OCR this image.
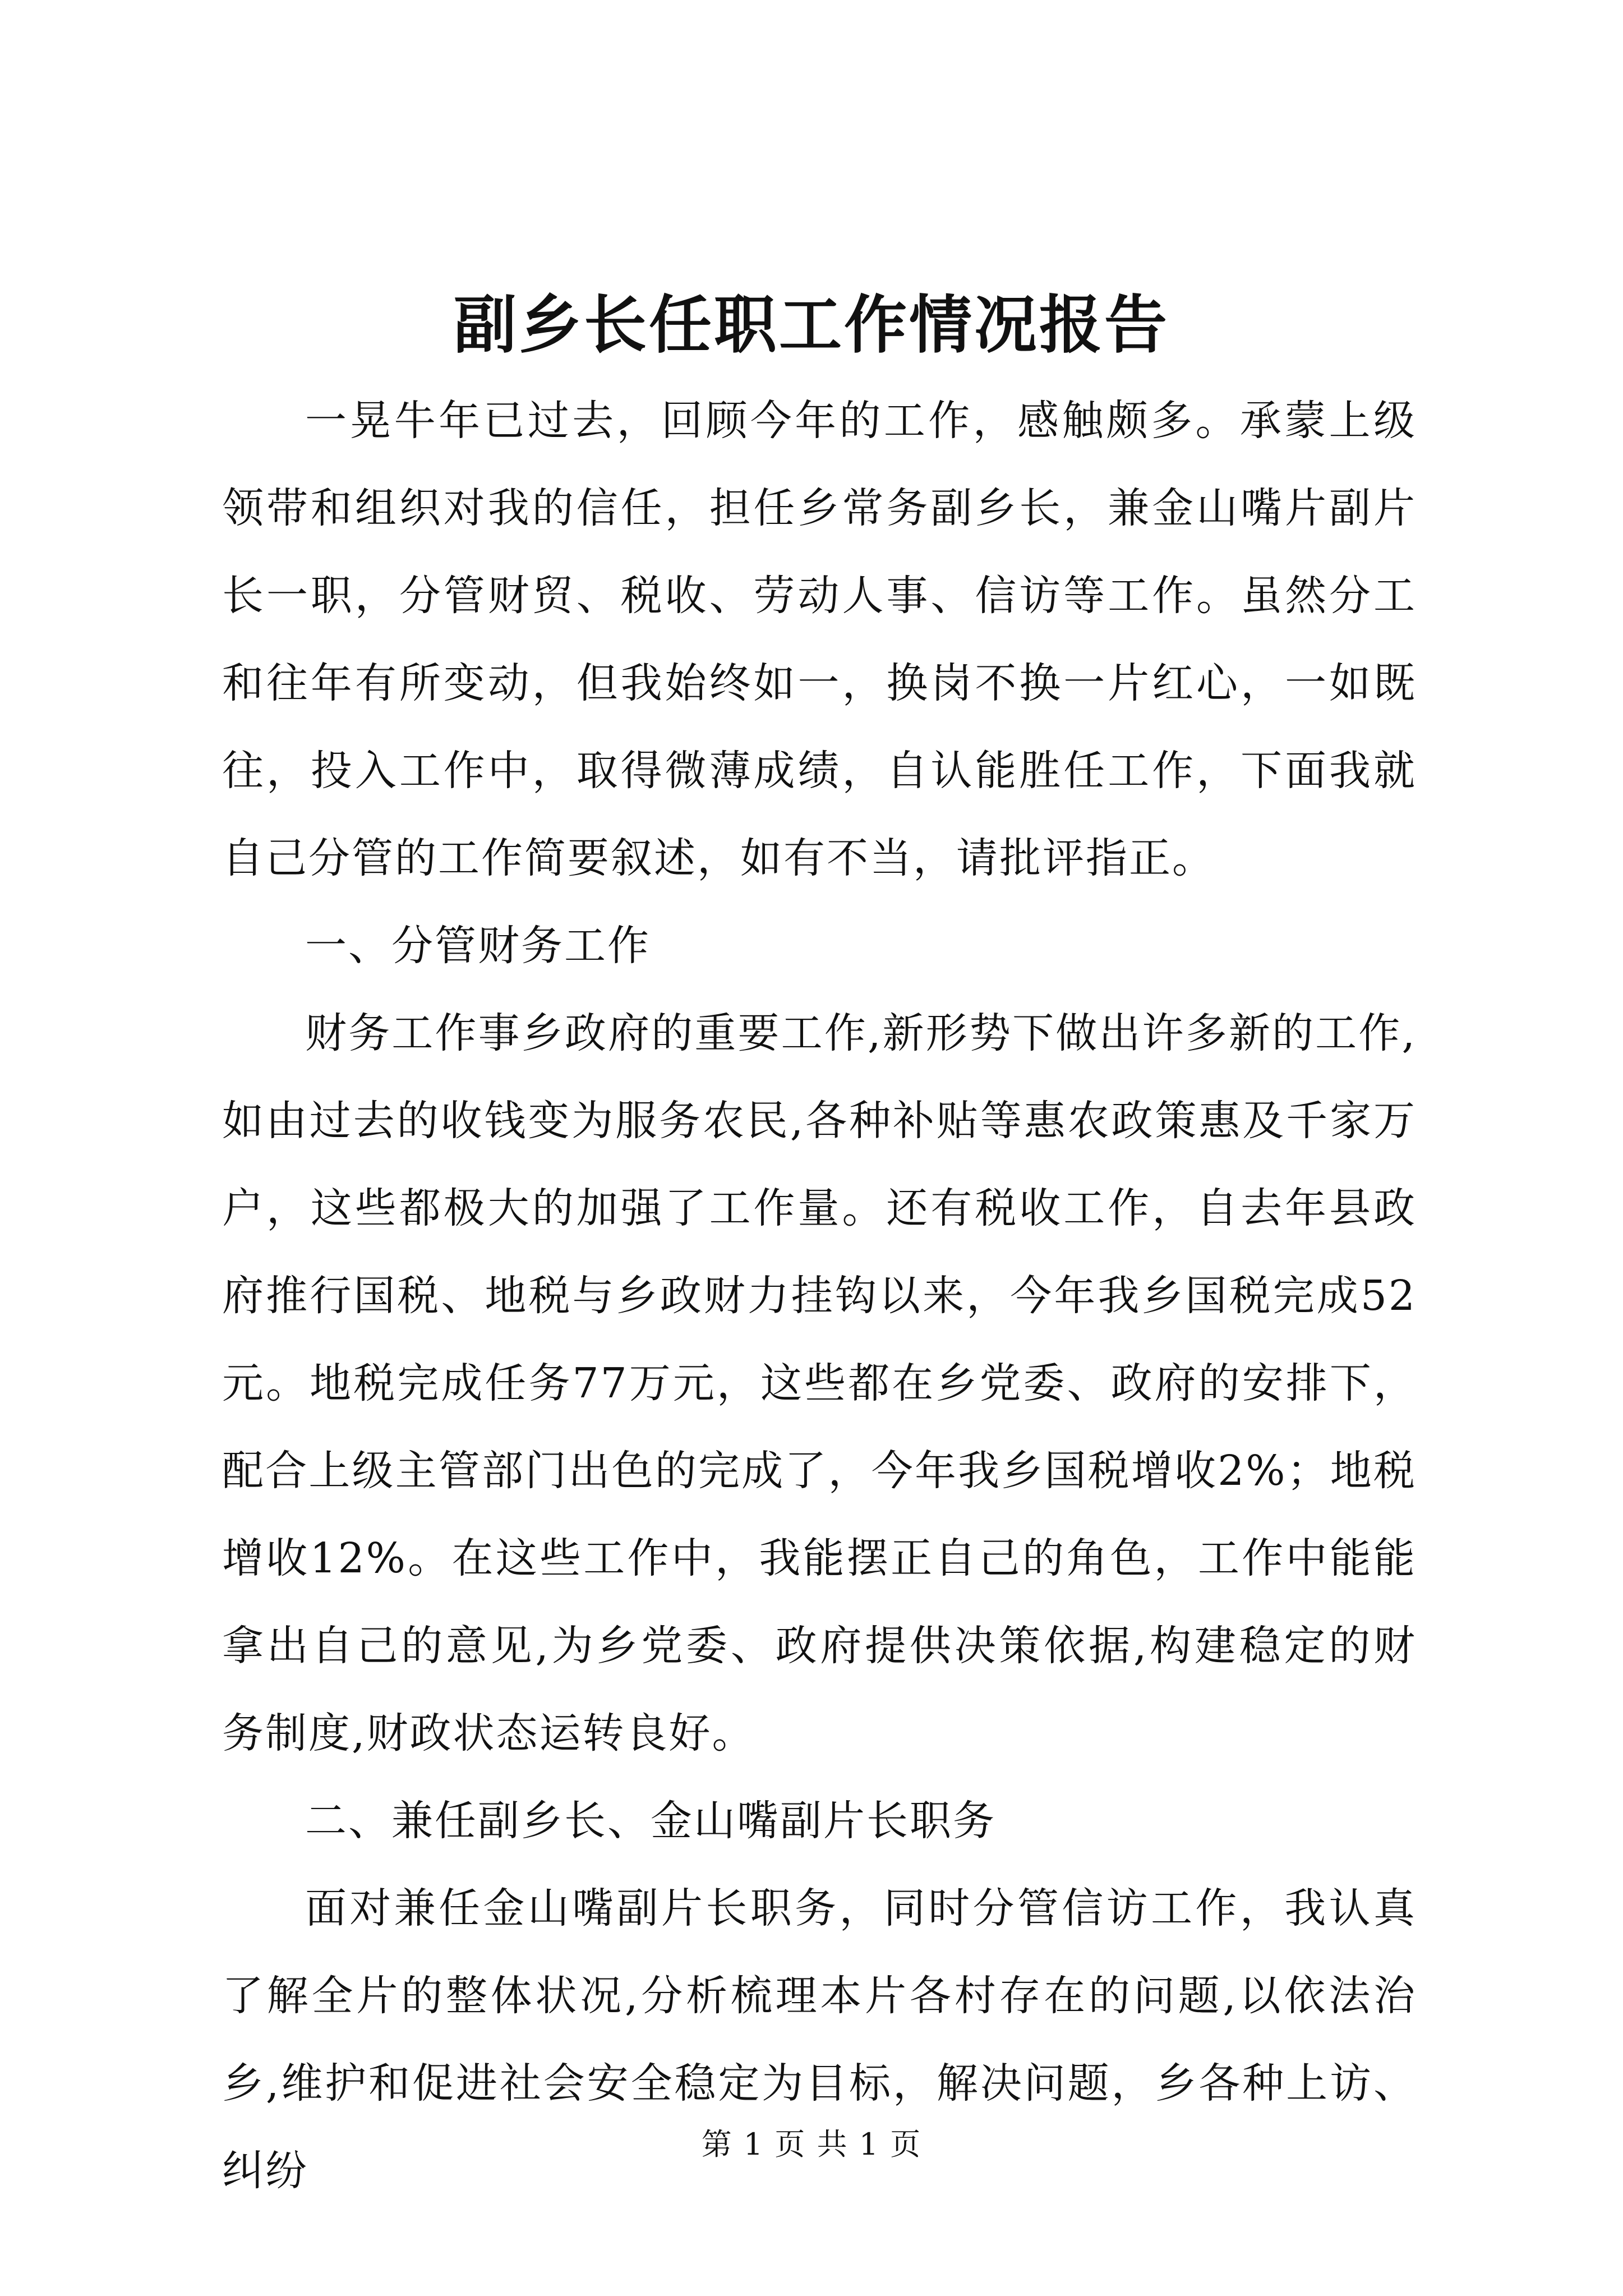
副乡长任职工作情况报告

一晃牛年已过去，回顾今年的工作，感触颇多。承蒙上级领带和组织对我的信任，担任乡常务副乡长，兼金山嘴片副片长一职，分管财贸、税收、劳动人事、信访等工作。虽然分工和往年有所变动，但我始终如一，换岗不换一片红心，一如既往，投入工作中，取得微薄成绩，自认能胜任工作，下面我就自己分管的工作简要叙述，如有不当，请批评指正。

一、分管财务工作

财务工作事乡政府的重要工作,新形势下做出许多新的工作,如由过去的收钱变为服务农民,各种补贴等惠农政策惠及千家万户，这些都极大的加强了工作量。还有税收工作，自去年县政府推行国税、地税与乡政财力挂钩以来，今年我乡国税完成52元。地税完成任务77万元，这些都在乡党委、政府的安排下，配合上级主管部门出色的完成了，今年我乡国税增收2%；地税增收12%。在这些工作中，我能摆正自己的角色，工作中能能拿出自己的意见,为乡党委、政府提供决策依据,构建稳定的财务制度,财政状态运转良好。

二、兼任副乡长、金山嘴副片长职务

面对兼任金山嘴副片长职务，同时分管信访工作，我认真了解全片的整体状况,分析梳理本片各村存在的问题,以依法治乡,维护和促进社会安全稳定为目标，解决问题，乡各种上访、纠纷

第 1 页 共 1 页
